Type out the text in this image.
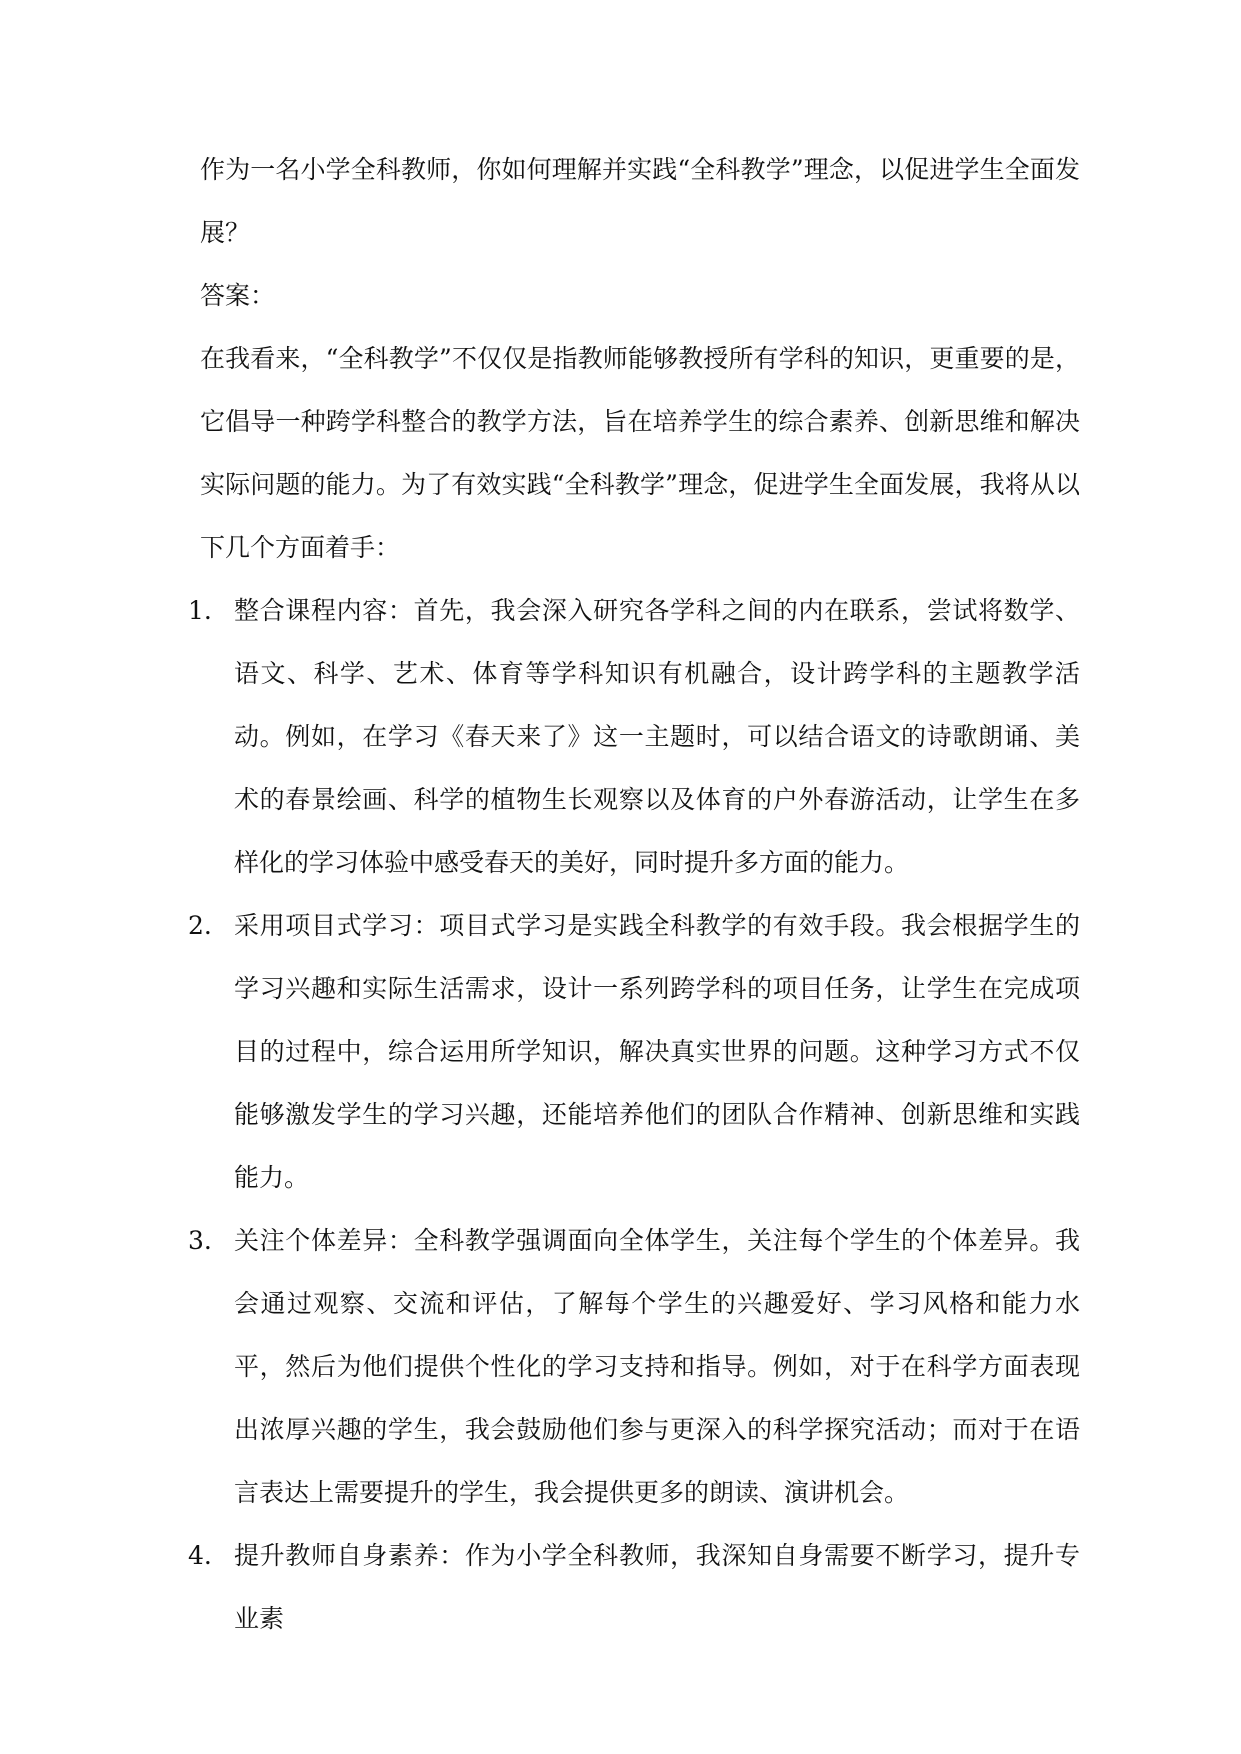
作为一名小学全科教师，你如何理解并实践“全科教学”理念，以促进学生全面发展？

答案：

在我看来，“全科教学”不仅仅是指教师能够教授所有学科的知识，更重要的是，它倡导一种跨学科整合的教学方法，旨在培养学生的综合素养、创新思维和解决实际问题的能力。为了有效实践“全科教学”理念，促进学生全面发展，我将从以下几个方面着手：

1. 整合课程内容：首先，我会深入研究各学科之间的内在联系，尝试将数学、语文、科学、艺术、体育等学科知识有机融合，设计跨学科的主题教学活动。例如，在学习《春天来了》这一主题时，可以结合语文的诗歌朗诵、美术的春景绘画、科学的植物生长观察以及体育的户外春游活动，让学生在多样化的学习体验中感受春天的美好，同时提升多方面的能力。
2. 采用项目式学习：项目式学习是实践全科教学的有效手段。我会根据学生的学习兴趣和实际生活需求，设计一系列跨学科的项目任务，让学生在完成项目的过程中，综合运用所学知识，解决真实世界的问题。这种学习方式不仅能够激发学生的学习兴趣，还能培养他们的团队合作精神、创新思维和实践能力。
3. 关注个体差异：全科教学强调面向全体学生，关注每个学生的个体差异。我会通过观察、交流和评估，了解每个学生的兴趣爱好、学习风格和能力水平，然后为他们提供个性化的学习支持和指导。例如，对于在科学方面表现出浓厚兴趣的学生，我会鼓励他们参与更深入的科学探究活动；而对于在语言表达上需要提升的学生，我会提供更多的朗读、演讲机会。
4. 提升教师自身素养：作为小学全科教师，我深知自身需要不断学习，提升专业素
